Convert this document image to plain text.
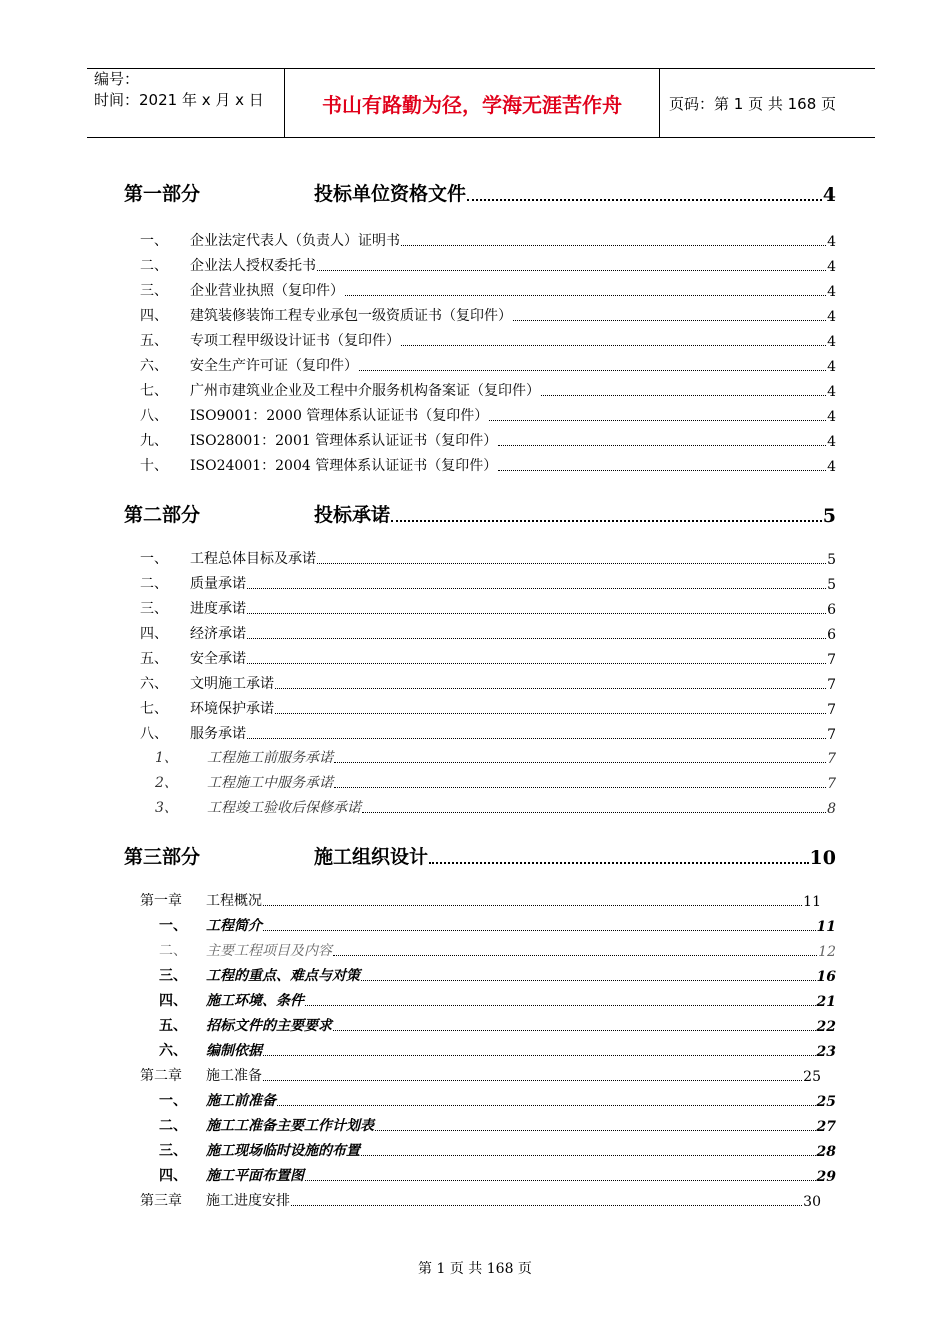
编号：
时间：2021 年 x 月 x 日	书山有路勤为径，学海无涯苦作舟	页码：第 1 页 共 168 页
第一部分	投标单位资格文件	4
一、	企业法定代表人（负责人）证明书	4
二、	企业法人授权委托书	4
三、	企业营业执照（复印件）	4
四、	建筑装修装饰工程专业承包一级资质证书（复印件）	4
五、	专项工程甲级设计证书（复印件）	4
六、	安全生产许可证（复印件）	4
七、	广州市建筑业企业及工程中介服务机构备案证（复印件）	4
八、	ISO9001：2000 管理体系认证证书（复印件）	4
九、	ISO28001：2001 管理体系认证证书（复印件）	4
十、	ISO24001：2004 管理体系认证证书（复印件）	4
第二部分	投标承诺	5
一、	工程总体目标及承诺	5
二、	质量承诺	5
三、	进度承诺	6
四、	经济承诺	6
五、	安全承诺	7
六、	文明施工承诺	7
七、	环境保护承诺	7
八、	服务承诺	7
1、	工程施工前服务承诺	7
2、	工程施工中服务承诺	7
3、	工程竣工验收后保修承诺	8
第三部分	施工组织设计	10
第一章	工程概况	11
一、	工程简介	11
二、	主要工程项目及内容	12
三、	工程的重点、难点与对策	16
四、	施工环境、条件	21
五、	招标文件的主要要求	22
六、	编制依据	23
第二章	施工准备	25
一、	施工前准备	25
二、	施工工准备主要工作计划表	27
三、	施工现场临时设施的布置	28
四、	施工平面布置图	29
第三章	施工进度安排	30
第 1 页 共 168 页
